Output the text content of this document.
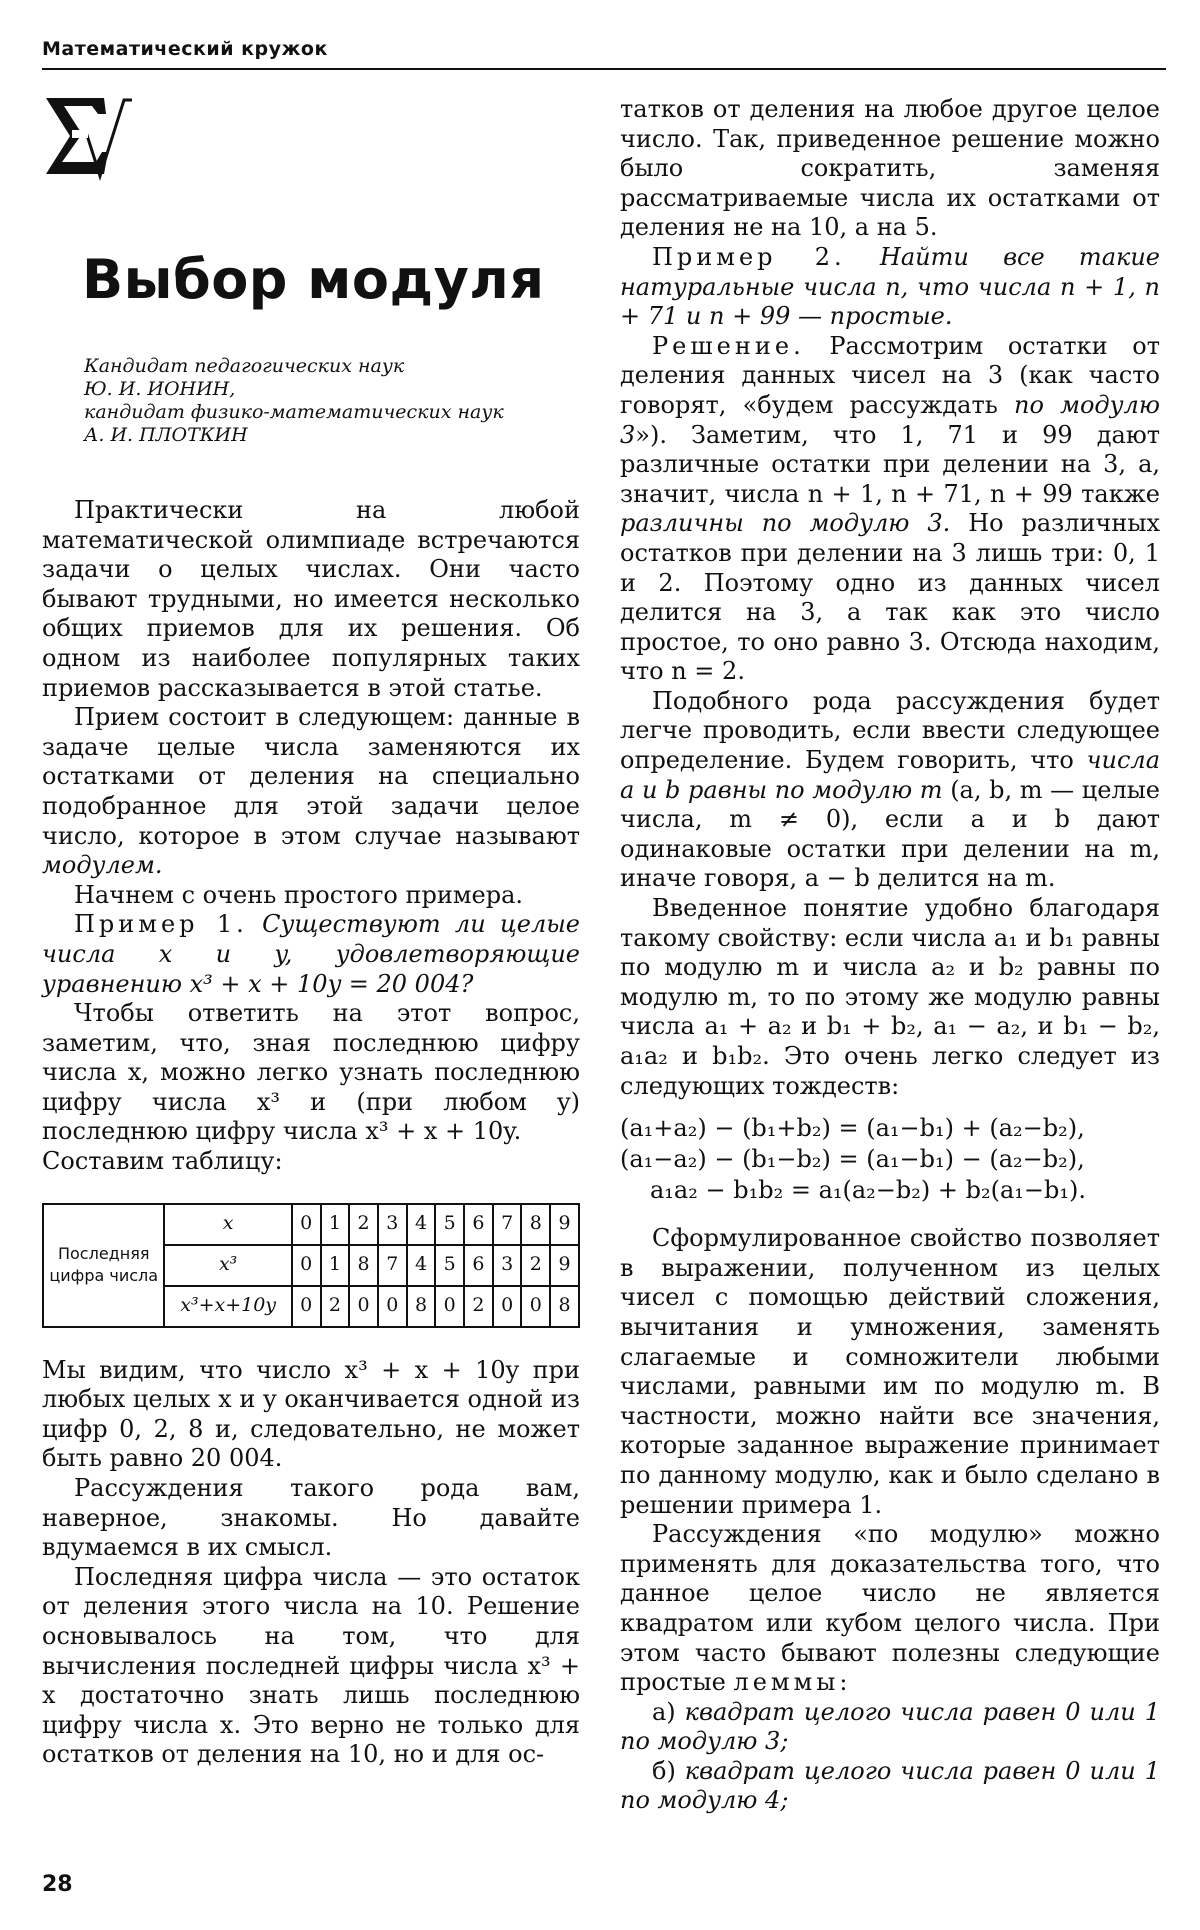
Математический кружок
Выбор модуля
Кандидат педагогических наук
Ю. И. ИОНИН,
кандидат физико-математических наук
А. И. ПЛОТКИН

Практически на любой математической олимпиаде встречаются задачи о целых числах. Они часто бывают трудными, но имеется несколько общих приемов для их решения. Об одном из наиболее популярных таких приемов рассказывается в этой статье.

Прием состоит в следующем: данные в задаче целые числа заменяются их остатками от деления на специально подобранное для этой задачи целое число, которое в этом случае называют модулем.

Начнем с очень простого примера.

Пример 1. Существуют ли целые числа x и y, удовлетворяющие уравнению x³ + x + 10y = 20 004?

Чтобы ответить на этот вопрос, заметим, что, зная последнюю цифру числа x, можно легко узнать последнюю цифру числа x³ и (при любом y) последнюю цифру числа x³ + x + 10y.

Составим таблицу:

Последняя цифра числа	x	0	1	2	3	4	5	6	7	8	9
	x³	0	1	8	7	4	5	6	3	2	9
	x³+x+10y	0	2	0	0	8	0	2	0	0	8

Мы видим, что число x³ + x + 10y при любых целых x и y оканчивается одной из цифр 0, 2, 8 и, следовательно, не может быть равно 20 004.

Рассуждения такого рода вам, наверное, знакомы. Но давайте вдумаемся в их смысл.

Последняя цифра числа — это остаток от деления этого числа на 10. Решение основывалось на том, что для вычисления последней цифры числа x³ + x достаточно знать лишь последнюю цифру числа x. Это верно не только для остатков от деления на 10, но и для ос-

татков от деления на любое другое целое число. Так, приведенное решение можно было сократить, заменяя рассматриваемые числа их остатками от деления не на 10, а на 5.

Пример 2. Найти все такие натуральные числа n, что числа n + 1, n + 71 и n + 99 — простые.

Решение. Рассмотрим остатки от деления данных чисел на 3 (как часто говорят, «будем рассуждать по модулю 3»). Заметим, что 1, 71 и 99 дают различные остатки при делении на 3, а, значит, числа n + 1, n + 71, n + 99 также различны по модулю 3. Но различных остатков при делении на 3 лишь три: 0, 1 и 2. Поэтому одно из данных чисел делится на 3, а так как это число простое, то оно равно 3. Отсюда находим, что n = 2.

Подобного рода рассуждения будет легче проводить, если ввести следующее определение. Будем говорить, что числа a и b равны по модулю m (a, b, m — целые числа, m ≠ 0), если a и b дают одинаковые остатки при делении на m, иначе говоря, a − b делится на m.

Введенное понятие удобно благодаря такому свойству: если числа a₁ и b₁ равны по модулю m и числа a₂ и b₂ равны по модулю m, то по этому же модулю равны числа a₁ + a₂ и b₁ + b₂, a₁ − a₂, и b₁ − b₂, a₁a₂ и b₁b₂. Это очень легко следует из следующих тождеств:

(a₁+a₂) − (b₁+b₂) = (a₁−b₁) + (a₂−b₂),
(a₁−a₂) − (b₁−b₂) = (a₁−b₁) − (a₂−b₂),
a₁a₂ − b₁b₂ = a₁(a₂−b₂) + b₂(a₁−b₁).

Сформулированное свойство позволяет в выражении, полученном из целых чисел с помощью действий сложения, вычитания и умножения, заменять слагаемые и сомножители любыми числами, равными им по модулю m. В частности, можно найти все значения, которые заданное выражение принимает по данному модулю, как и было сделано в решении примера 1.

Рассуждения «по модулю» можно применять для доказательства того, что данное целое число не является квадратом или кубом целого числа. При этом часто бывают полезны следующие простые леммы:

а) квадрат целого числа равен 0 или 1 по модулю 3;

б) квадрат целого числа равен 0 или 1 по модулю 4;

28
